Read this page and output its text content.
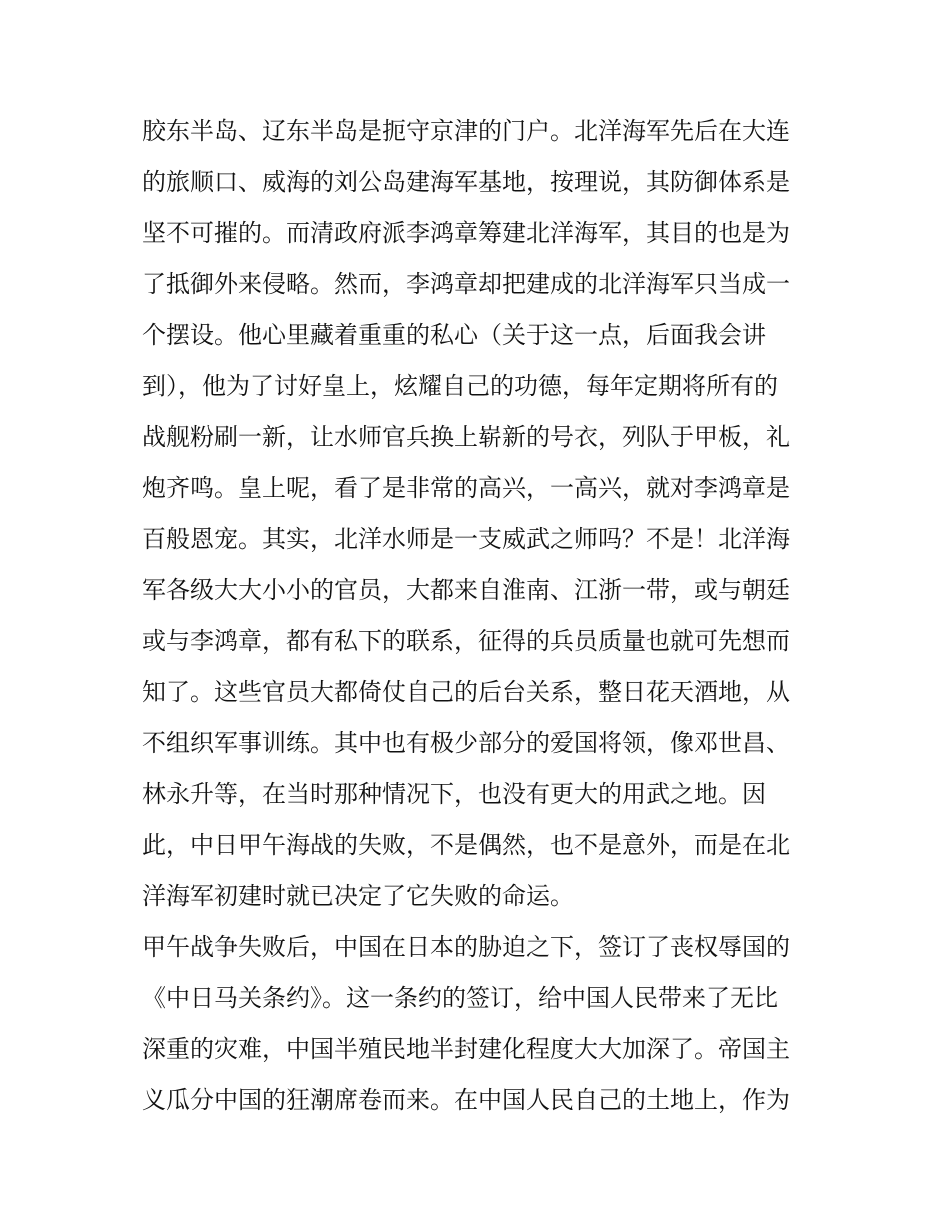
胶东半岛、辽东半岛是扼守京津的门户。北洋海军先后在大连
的旅顺口、威海的刘公岛建海军基地，按理说，其防御体系是
坚不可摧的。而清政府派李鸿章筹建北洋海军，其目的也是为
了抵御外来侵略。然而，李鸿章却把建成的北洋海军只当成一
个摆设。他心里藏着重重的私心（关于这一点，后面我会讲
到），他为了讨好皇上，炫耀自己的功德，每年定期将所有的
战舰粉刷一新，让水师官兵换上崭新的号衣，列队于甲板，礼
炮齐鸣。皇上呢，看了是非常的高兴，一高兴，就对李鸿章是
百般恩宠。其实，北洋水师是一支威武之师吗？不是！北洋海
军各级大大小小的官员，大都来自淮南、江浙一带，或与朝廷
或与李鸿章，都有私下的联系，征得的兵员质量也就可先想而
知了。这些官员大都倚仗自己的后台关系，整日花天酒地，从
不组织军事训练。其中也有极少部分的爱国将领，像邓世昌、
林永升等，在当时那种情况下，也没有更大的用武之地。因
此，中日甲午海战的失败，不是偶然，也不是意外，而是在北
洋海军初建时就已决定了它失败的命运。
甲午战争失败后，中国在日本的胁迫之下，签订了丧权辱国的
《中日马关条约》。这一条约的签订，给中国人民带来了无比
深重的灾难，中国半殖民地半封建化程度大大加深了。帝国主
义瓜分中国的狂潮席卷而来。在中国人民自己的土地上，作为
